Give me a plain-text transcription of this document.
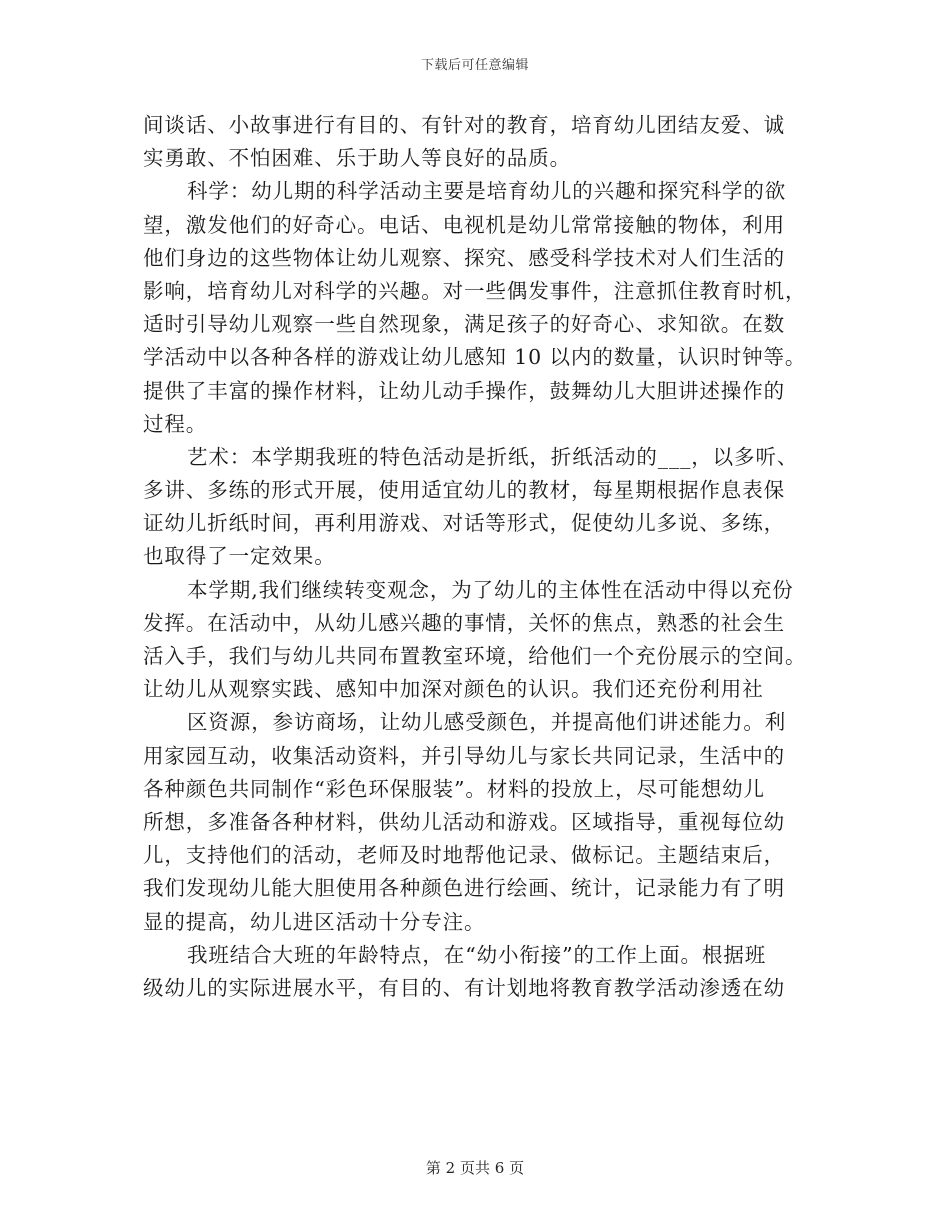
下载后可任意编辑
间谈话、小故事进行有目的、有针对的教育，培育幼儿团结友爱、诚
实勇敢、不怕困难、乐于助人等良好的品质。
科学：幼儿期的科学活动主要是培育幼儿的兴趣和探究科学的欲
望，激发他们的好奇心。电话、电视机是幼儿常常接触的物体，利用
他们身边的这些物体让幼儿观察、探究、感受科学技术对人们生活的
影响，培育幼儿对科学的兴趣。对一些偶发事件，注意抓住教育时机，
适时引导幼儿观察一些自然现象，满足孩子的好奇心、求知欲。在数
学活动中以各种各样的游戏让幼儿感知 10 以内的数量，认识时钟等。
提供了丰富的操作材料，让幼儿动手操作，鼓舞幼儿大胆讲述操作的
过程。
艺术：本学期我班的特色活动是折纸，折纸活动的___，以多听、
多讲、多练的形式开展，使用适宜幼儿的教材，每星期根据作息表保
证幼儿折纸时间，再利用游戏、对话等形式，促使幼儿多说、多练，
也取得了一定效果。
本学期,我们继续转变观念，为了幼儿的主体性在活动中得以充份
发挥。在活动中，从幼儿感兴趣的事情，关怀的焦点，熟悉的社会生
活入手，我们与幼儿共同布置教室环境，给他们一个充份展示的空间。
让幼儿从观察实践、感知中加深对颜色的认识。我们还充份利用社
区资源，参访商场，让幼儿感受颜色，并提高他们讲述能力。利
用家园互动，收集活动资料，并引导幼儿与家长共同记录，生活中的
各种颜色共同制作“彩色环保服装”。材料的投放上，尽可能想幼儿
所想，多准备各种材料，供幼儿活动和游戏。区域指导，重视每位幼
儿，支持他们的活动，老师及时地帮他记录、做标记。主题结束后，
我们发现幼儿能大胆使用各种颜色进行绘画、统计，记录能力有了明
显的提高，幼儿进区活动十分专注。
我班结合大班的年龄特点，在“幼小衔接”的工作上面。根据班
级幼儿的实际进展水平，有目的、有计划地将教育教学活动渗透在幼
第 2 页共 6 页
